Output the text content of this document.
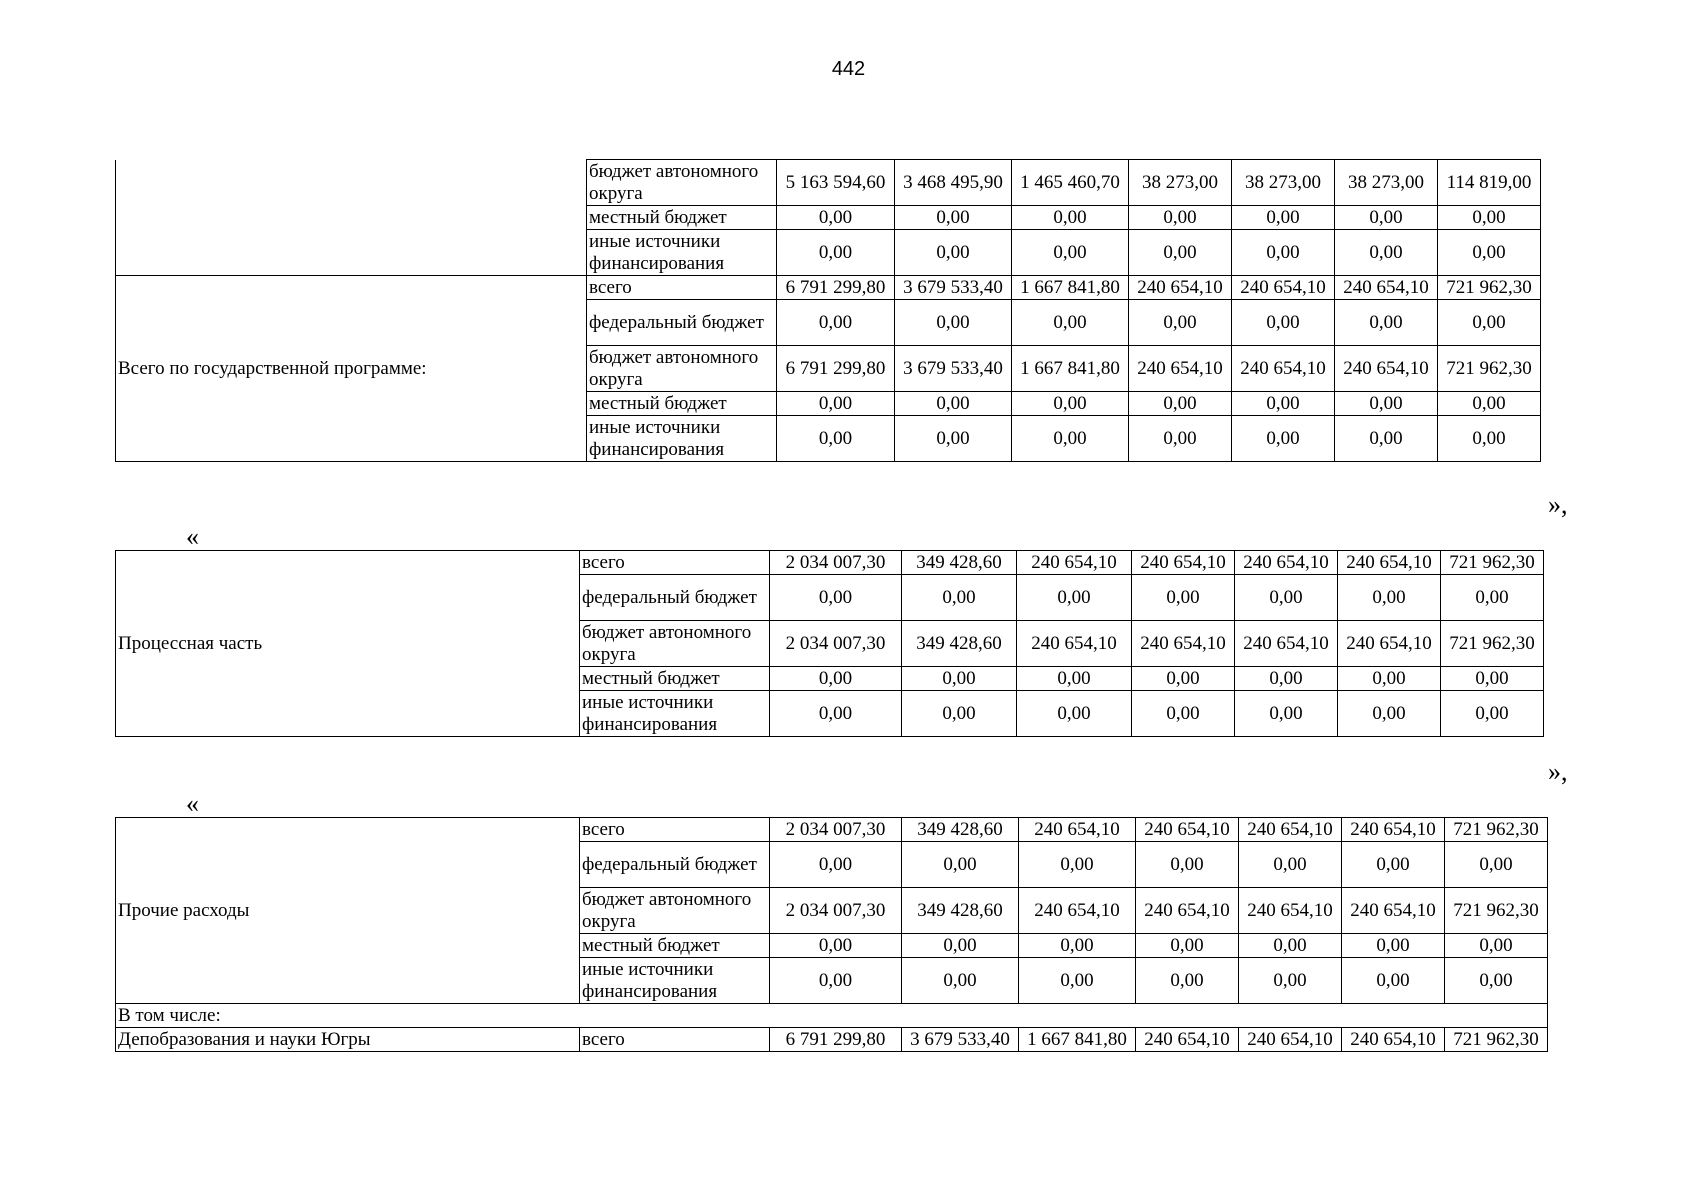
442
	бюджет автономного округа	5 163 594,60	3 468 495,90	1 465 460,70	38 273,00	38 273,00	38 273,00	114 819,00
	местный бюджет	0,00	0,00	0,00	0,00	0,00	0,00	0,00
	иные источники финансирования	0,00	0,00	0,00	0,00	0,00	0,00	0,00
Всего по государственной программе:	всего	6 791 299,80	3 679 533,40	1 667 841,80	240 654,10	240 654,10	240 654,10	721 962,30
	федеральный бюджет	0,00	0,00	0,00	0,00	0,00	0,00	0,00
	бюджет автономного округа	6 791 299,80	3 679 533,40	1 667 841,80	240 654,10	240 654,10	240 654,10	721 962,30
	местный бюджет	0,00	0,00	0,00	0,00	0,00	0,00	0,00
	иные источники финансирования	0,00	0,00	0,00	0,00	0,00	0,00	0,00
»,
«
Процессная часть	всего	2 034 007,30	349 428,60	240 654,10	240 654,10	240 654,10	240 654,10	721 962,30
	федеральный бюджет	0,00	0,00	0,00	0,00	0,00	0,00	0,00
	бюджет автономного округа	2 034 007,30	349 428,60	240 654,10	240 654,10	240 654,10	240 654,10	721 962,30
	местный бюджет	0,00	0,00	0,00	0,00	0,00	0,00	0,00
	иные источники финансирования	0,00	0,00	0,00	0,00	0,00	0,00	0,00
»,
«
Прочие расходы	всего	2 034 007,30	349 428,60	240 654,10	240 654,10	240 654,10	240 654,10	721 962,30
	федеральный бюджет	0,00	0,00	0,00	0,00	0,00	0,00	0,00
	бюджет автономного округа	2 034 007,30	349 428,60	240 654,10	240 654,10	240 654,10	240 654,10	721 962,30
	местный бюджет	0,00	0,00	0,00	0,00	0,00	0,00	0,00
	иные источники финансирования	0,00	0,00	0,00	0,00	0,00	0,00	0,00
В том числе:								
Депобразования и науки Югры	всего	6 791 299,80	3 679 533,40	1 667 841,80	240 654,10	240 654,10	240 654,10	721 962,30
